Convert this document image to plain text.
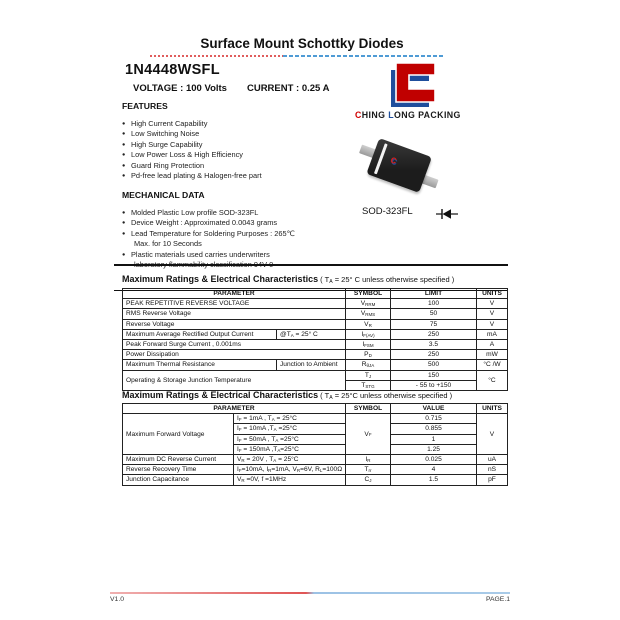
Surface Mount Schottky Diodes
1N4448WSFL
VOLTAGE : 100 Volts CURRENT : 0.25 A
CHING LONG PACKING
FEATURES
● High Current Capability
● Low Switching Noise
● High Surge Capability
● Low Power Loss & High Efficiency
● Guard Ring Protection
● Pd-free lead plating & Halogen-free part
MECHANICAL DATA
● Molded Plastic Low profile SOD-323FL
● Device Weight : Approximated 0.0043 grams
● Lead Temperature for Soldering Purposes : 265℃
Max. for 10 Seconds
● Plastic materials used carries underwriters
laboratory flammability classification 94V-0
c
SOD-323FL
Maximum Ratings & Electrical Characteristics ( $T_A = 25^\circ$ C unless otherwise specified )
PARAMETER		SYMBOL	LIMIT	UNITS
PEAK REPETITIVE REVERSE VOLTAGE		$V_{RRM}$	100	V
RMS Reverse Voltage		$V_{RMS}$	50	V
Reverse Voltage		$V_R$	75	V
Maximum Average Rectified Output Current	$@T_A = 25^\circ$ C	$I_{F(AV)}$	250	mA
Peak Forward Surge Current , 0.001ms		$I_{FSM}$	3.5	A
Power Dissipation		$P_D$	250	mW
Maximum Thermal Resistance	Junction to Ambient	$R_{\theta JA}$	500	°C /W
Operating & Storage Junction Temperature		$T_J$	150	°C
		$T_{STG}$	- 55 to +150	
Maximum Ratings & Electrical Characteristics ( $T_A = 25^\circ C$ unless otherwise specified )
PARAMETER		SYMBOL	VALUE	UNITS
Maximum Forward Voltage	$I_F = 1mA$ , $T_A = 25^\circ C$	$V_F$	0.715	V
	$I_F = 10mA$ $,T_A =25^\circ C$		0.855	
	$I_F = 50mA$ , $T_A =25^\circ C$		1	
	$I_F = 150mA$ $,T_A=25^\circ C$		1.25	
Maximum DC Reverse Current	$V_R = 20V$ , $T_A = 25^\circ C$	$I_R$	0.025	uA
Reverse Recovery Time	$I_F=10mA$, $I_R=1mA$, $V_R=6V$, $R_L=100\Omega$	$T_{rr}$	4	nS
Junction Capacitance	$V_R =0V$, f =1MHz	$C_J$	1.5	pF
V1.0	PAGE.1
